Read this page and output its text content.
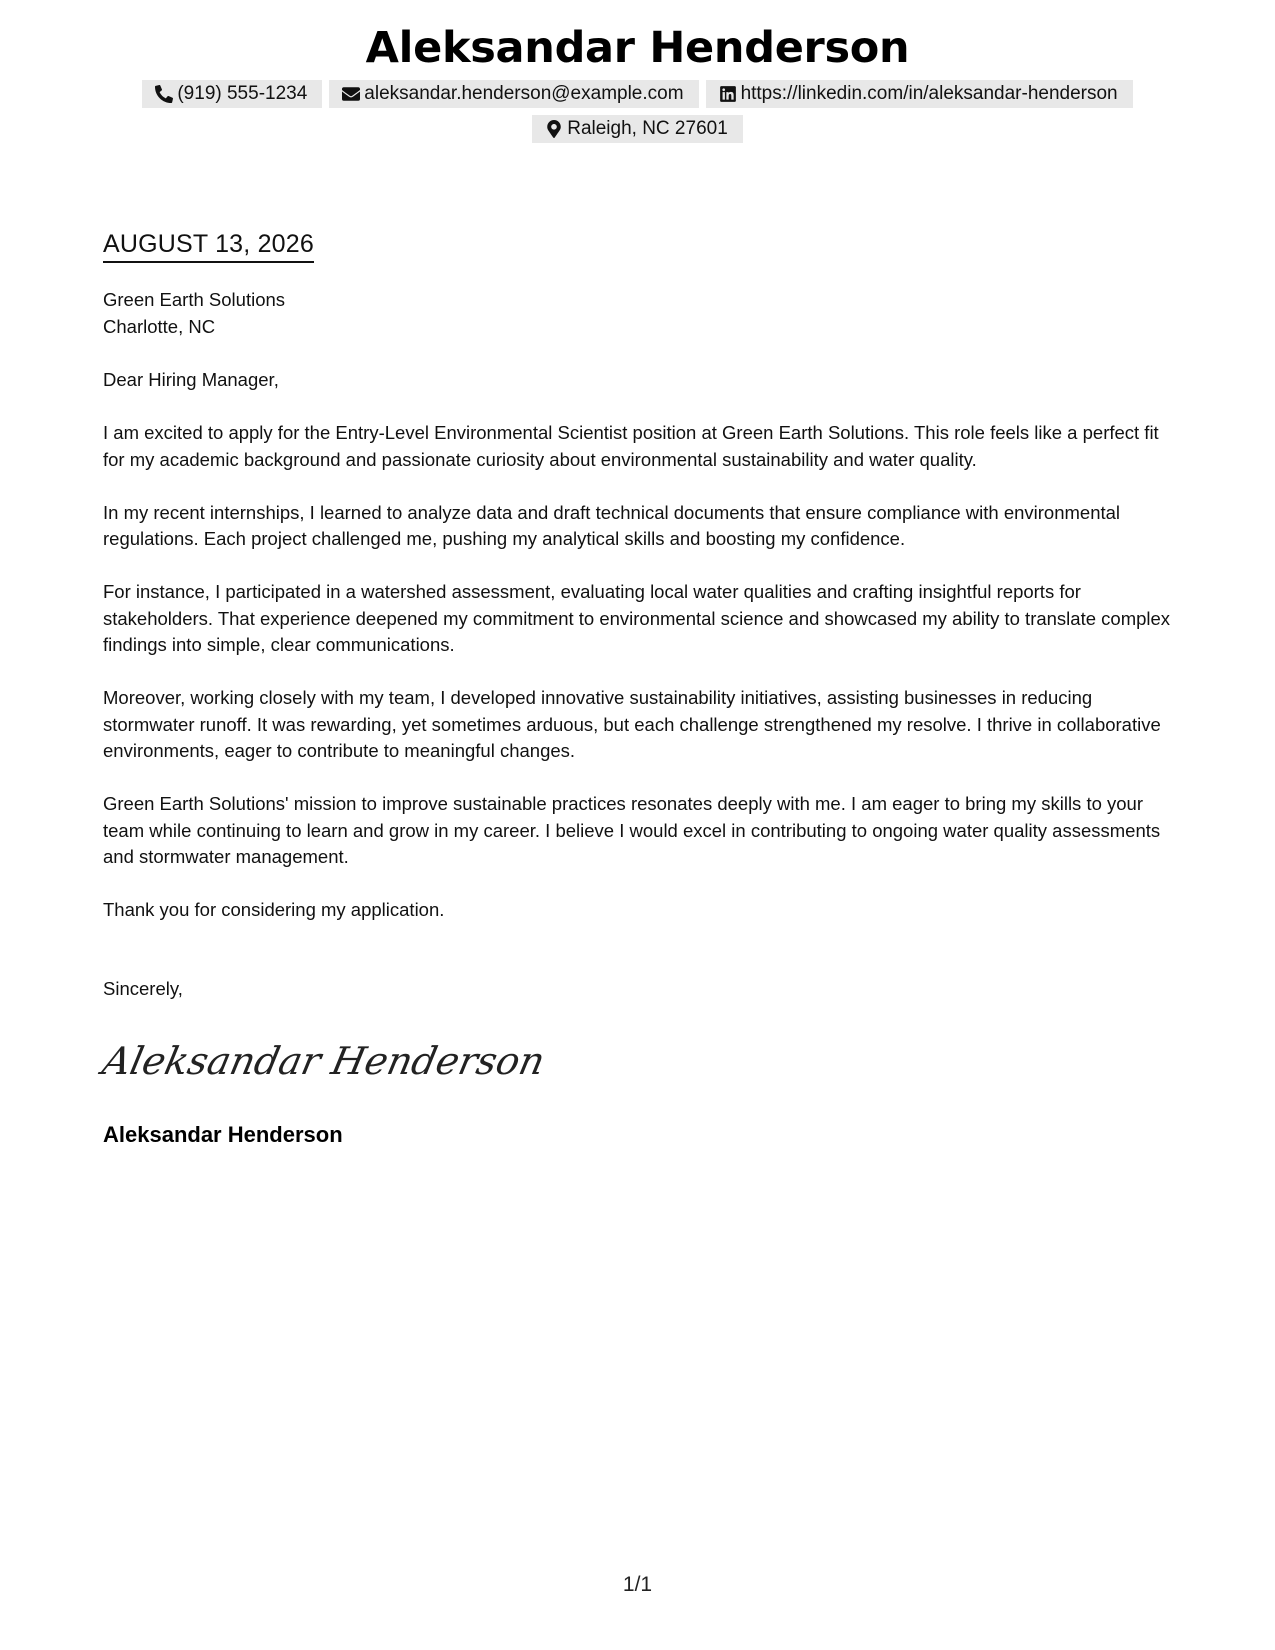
Aleksandar Henderson
(919) 555-1234	aleksandar.henderson@example.com	https://linkedin.com/in/aleksandar-henderson
Raleigh, NC 27601
AUGUST 13, 2026
Green Earth Solutions
Charlotte, NC

Dear Hiring Manager,

I am excited to apply for the Entry-Level Environmental Scientist position at Green Earth Solutions. This role feels like a perfect fit for my academic background and passionate curiosity about environmental sustainability and water quality.

In my recent internships, I learned to analyze data and draft technical documents that ensure compliance with environmental regulations. Each project challenged me, pushing my analytical skills and boosting my confidence.

For instance, I participated in a watershed assessment, evaluating local water qualities and crafting insightful reports for stakeholders. That experience deepened my commitment to environmental science and showcased my ability to translate complex findings into simple, clear communications.

Moreover, working closely with my team, I developed innovative sustainability initiatives, assisting businesses in reducing stormwater runoff. It was rewarding, yet sometimes arduous, but each challenge strengthened my resolve. I thrive in collaborative environments, eager to contribute to meaningful changes.

Green Earth Solutions' mission to improve sustainable practices resonates deeply with me. I am eager to bring my skills to your team while continuing to learn and grow in my career. I believe I would excel in contributing to ongoing water quality assessments and stormwater management.

Thank you for considering my application.

Sincerely,
Aleksandar Henderson
Aleksandar Henderson
1/1
